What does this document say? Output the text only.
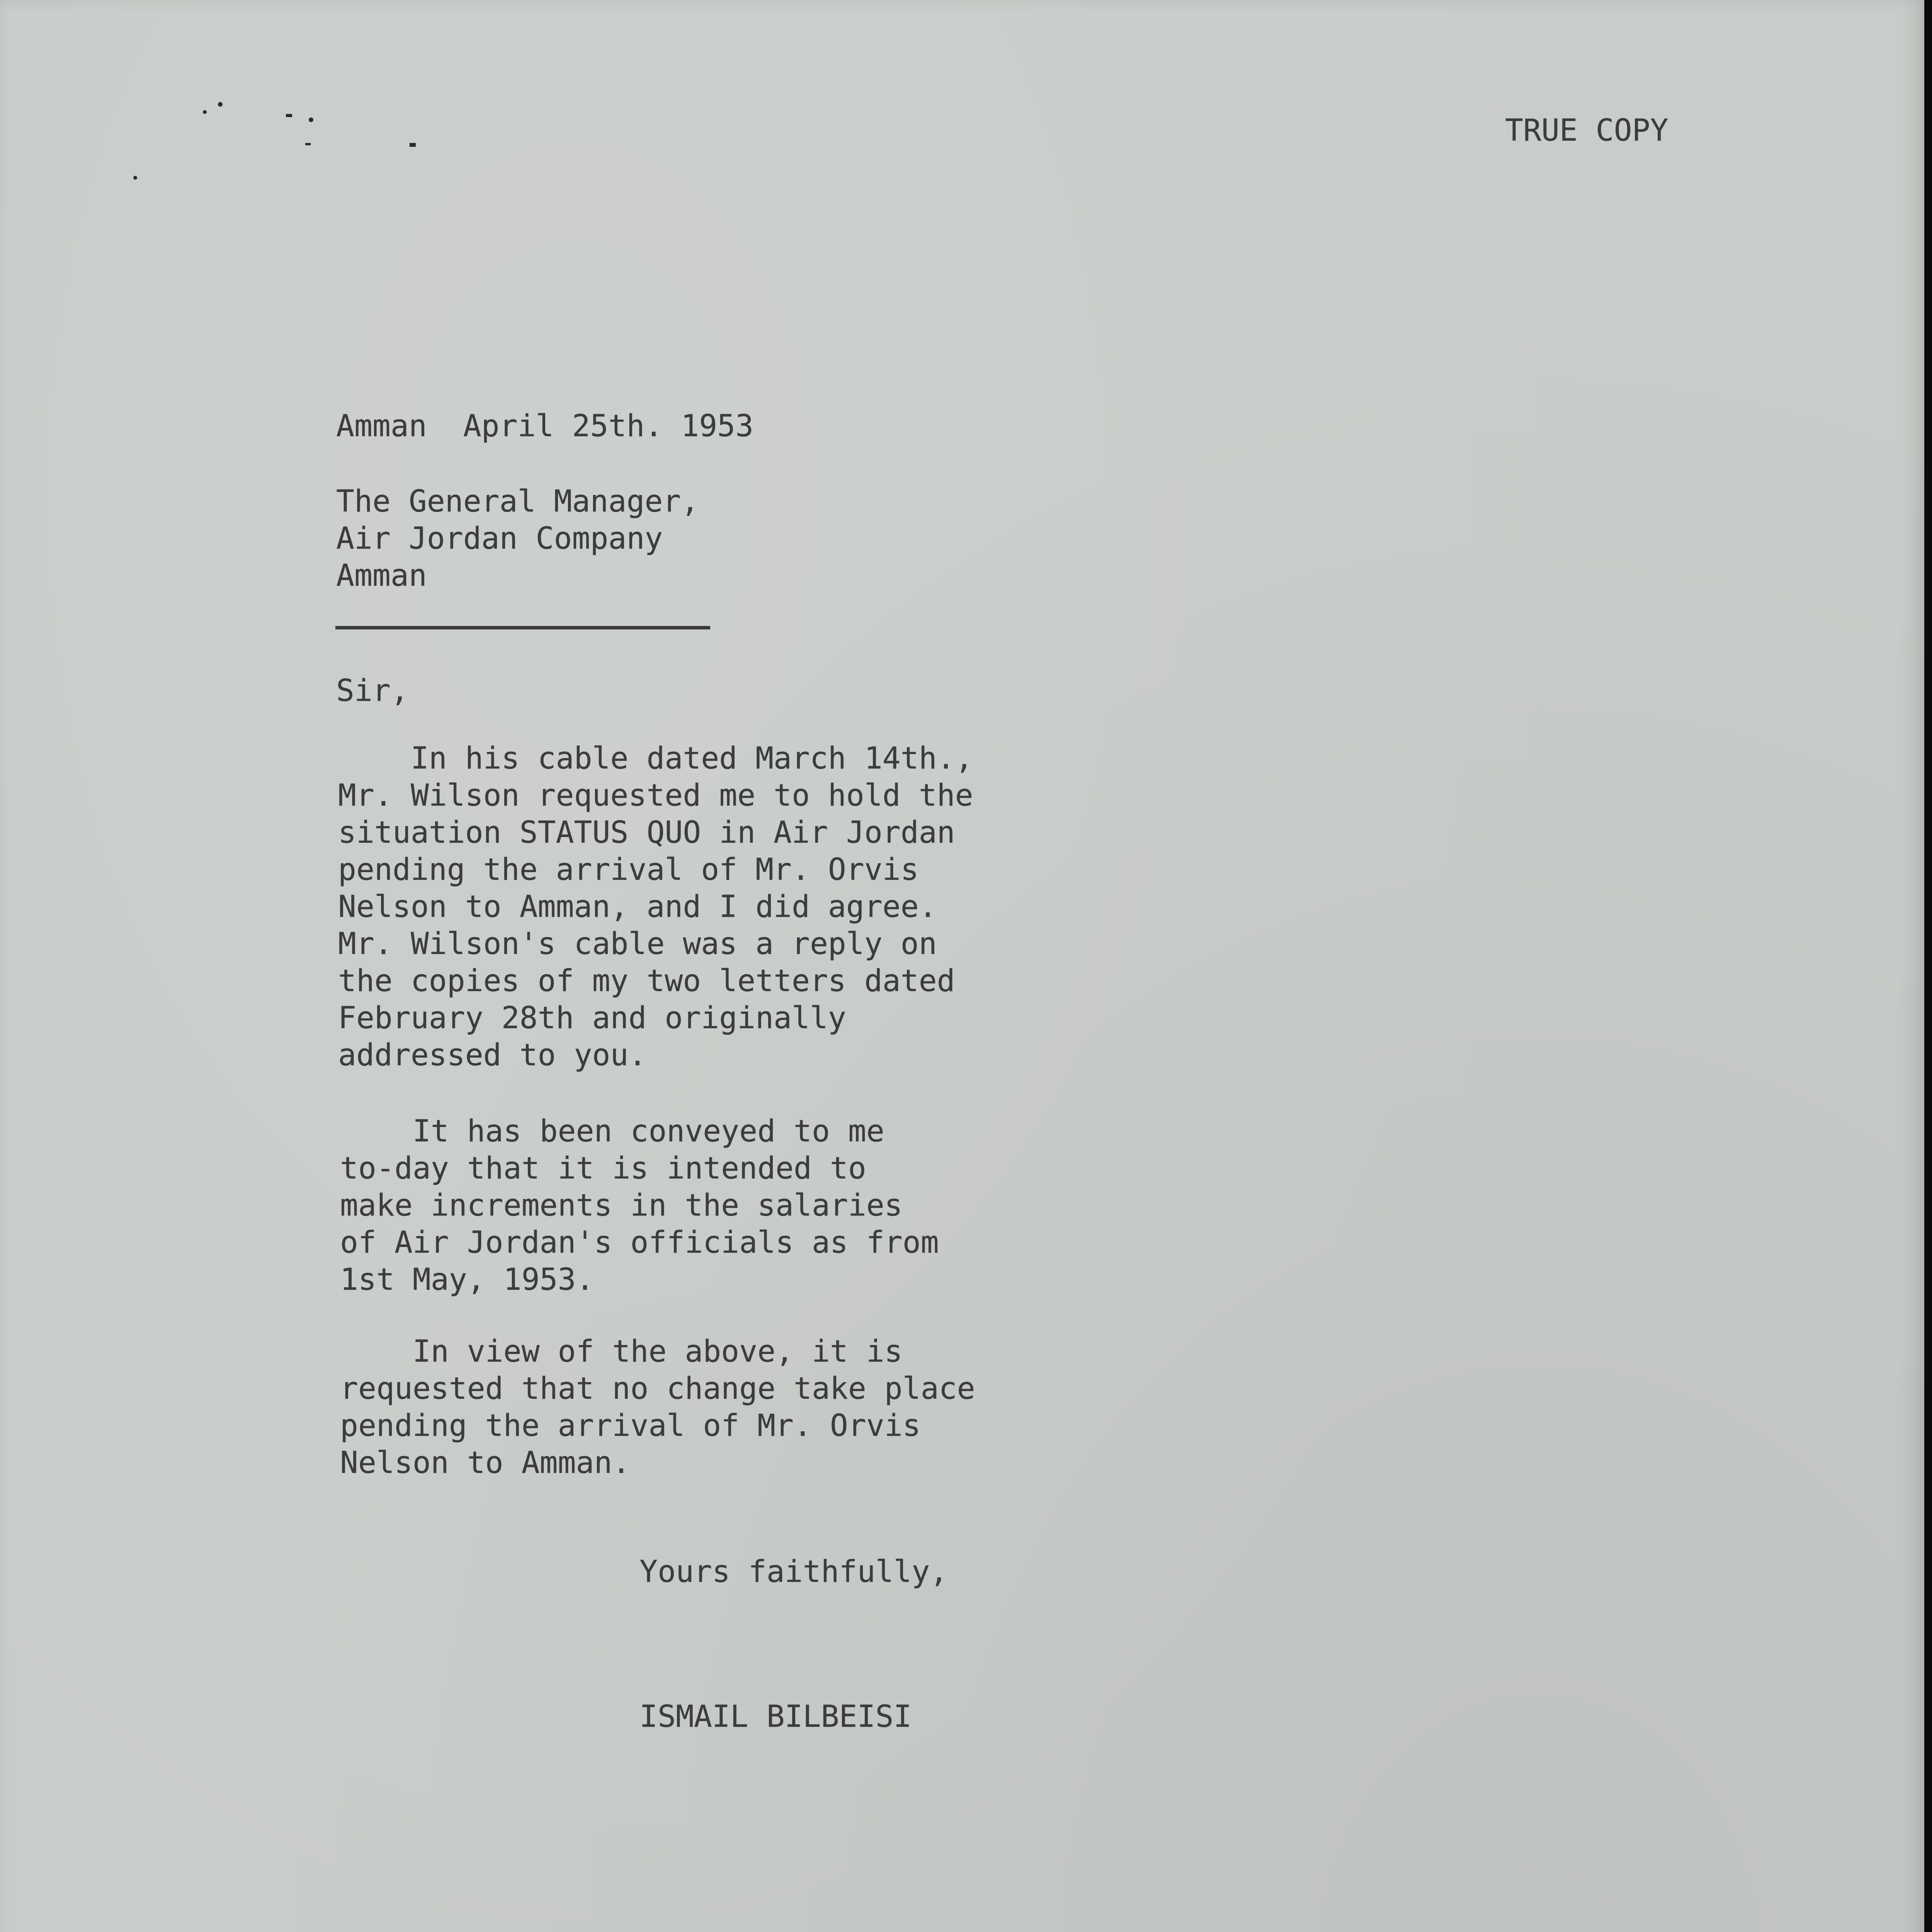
TRUE COPY

Amman  April 25th. 1953

The General Manager,
Air Jordan Company
Amman

Sir,

In his cable dated March 14th.,
Mr. Wilson requested me to hold the
situation STATUS QUO in Air Jordan
pending the arrival of Mr. Orvis
Nelson to Amman, and I did agree.
Mr. Wilson's cable was a reply on
the copies of my two letters dated
February 28th and originally
addressed to you.
It has been conveyed to me
to-day that it is intended to
make increments in the salaries
of Air Jordan's officials as from
1st May, 1953.
In view of the above, it is
requested that no change take place
pending the arrival of Mr. Orvis
Nelson to Amman.

Yours faithfully,

ISMAIL BILBEISI
